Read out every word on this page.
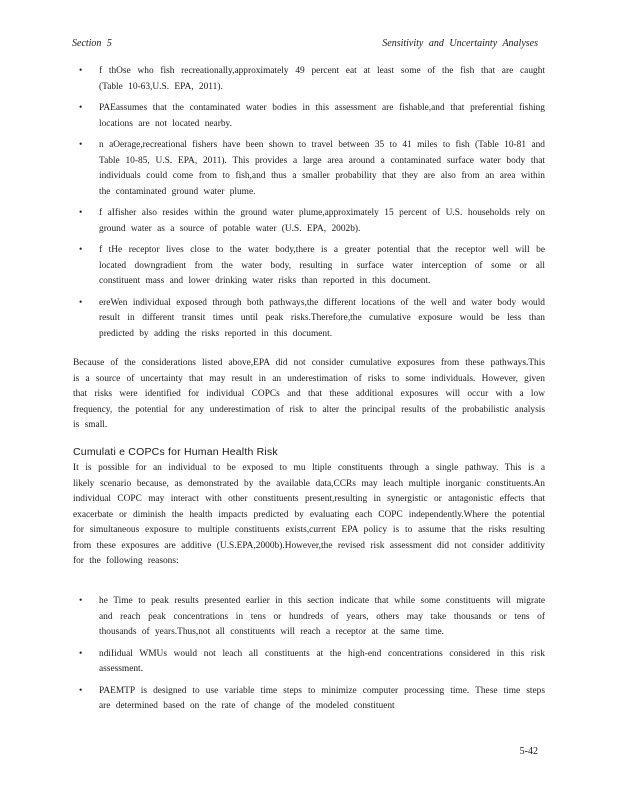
Section 5	Sensitivity and Uncertainty Analyses
• f thOse who fish recreationally,approximately 49 percent eat at least some of the fish that are caught (Table 10-63,U.S. EPA, 2011).
• PAEassumes that the contaminated water bodies in this assessment are fishable,and that preferential fishing locations are not located nearby.
• n aOerage,recreational fishers have been shown to travel between 35 to 41 miles to fish (Table 10-81 and Table 10-85, U.S. EPA, 2011). This provides a large area around a contaminated surface water body that individuals could come from to fish,and thus a smaller probability that they are also from an area within the contaminated ground water plume.
• f aIfisher also resides within the ground water plume,approximately 15 percent of U.S. households rely on ground water as a source of potable water (U.S. EPA, 2002b).
• f tHe receptor lives close to the water body,there is a greater potential that the receptor well will be located downgradient from the water body, resulting in surface water interception of some or all constituent mass and lower drinking water risks than reported in this document.
• ereWen individual exposed through both pathways,the different locations of the well and water body would result in different transit times until peak risks.Therefore,the cumulative exposure would be less than predicted by adding the risks reported in this document.

Because of the considerations listed above,EPA did not consider cumulative exposures from these pathways.This is a source of uncertainty that may result in an underestimation of risks to some individuals. However, given that risks were identified for individual COPCs and that these additional exposures will occur with a low frequency, the potential for any underestimation of risk to alter the principal results of the probabilistic analysis is small.

Cumulati e COPCs for Human Health Risk

It is possible for an individual to be exposed to mu ltiple constituents through a single pathway. This is a likely scenario because, as demonstrated by the available data,CCRs may leach multiple inorganic constituents.An individual COPC may interact with other constituents present,resulting in synergistic or antagonistic effects that exacerbate or diminish the health impacts predicted by evaluating each COPC independently.Where the potential for simultaneous exposure to multiple constituents exists,current EPA policy is to assume that the risks resulting from these exposures are additive (U.S.EPA,2000b).However,the revised risk assessment did not consider additivity for the following reasons:

• he Time to peak results presented earlier in this section indicate that while some constituents will migrate and reach peak concentrations in tens or hundreds of years, others may take thousands or tens of thousands of years.Thus,not all constituents will reach a receptor at the same time.
• ndiIidual WMUs would not leach all constituents at the high-end concentrations considered in this risk assessment.
• PAEMTP is designed to use variable time steps to minimize computer processing time. These time steps are determined based on the rate of change of the modeled constituent
5-42
